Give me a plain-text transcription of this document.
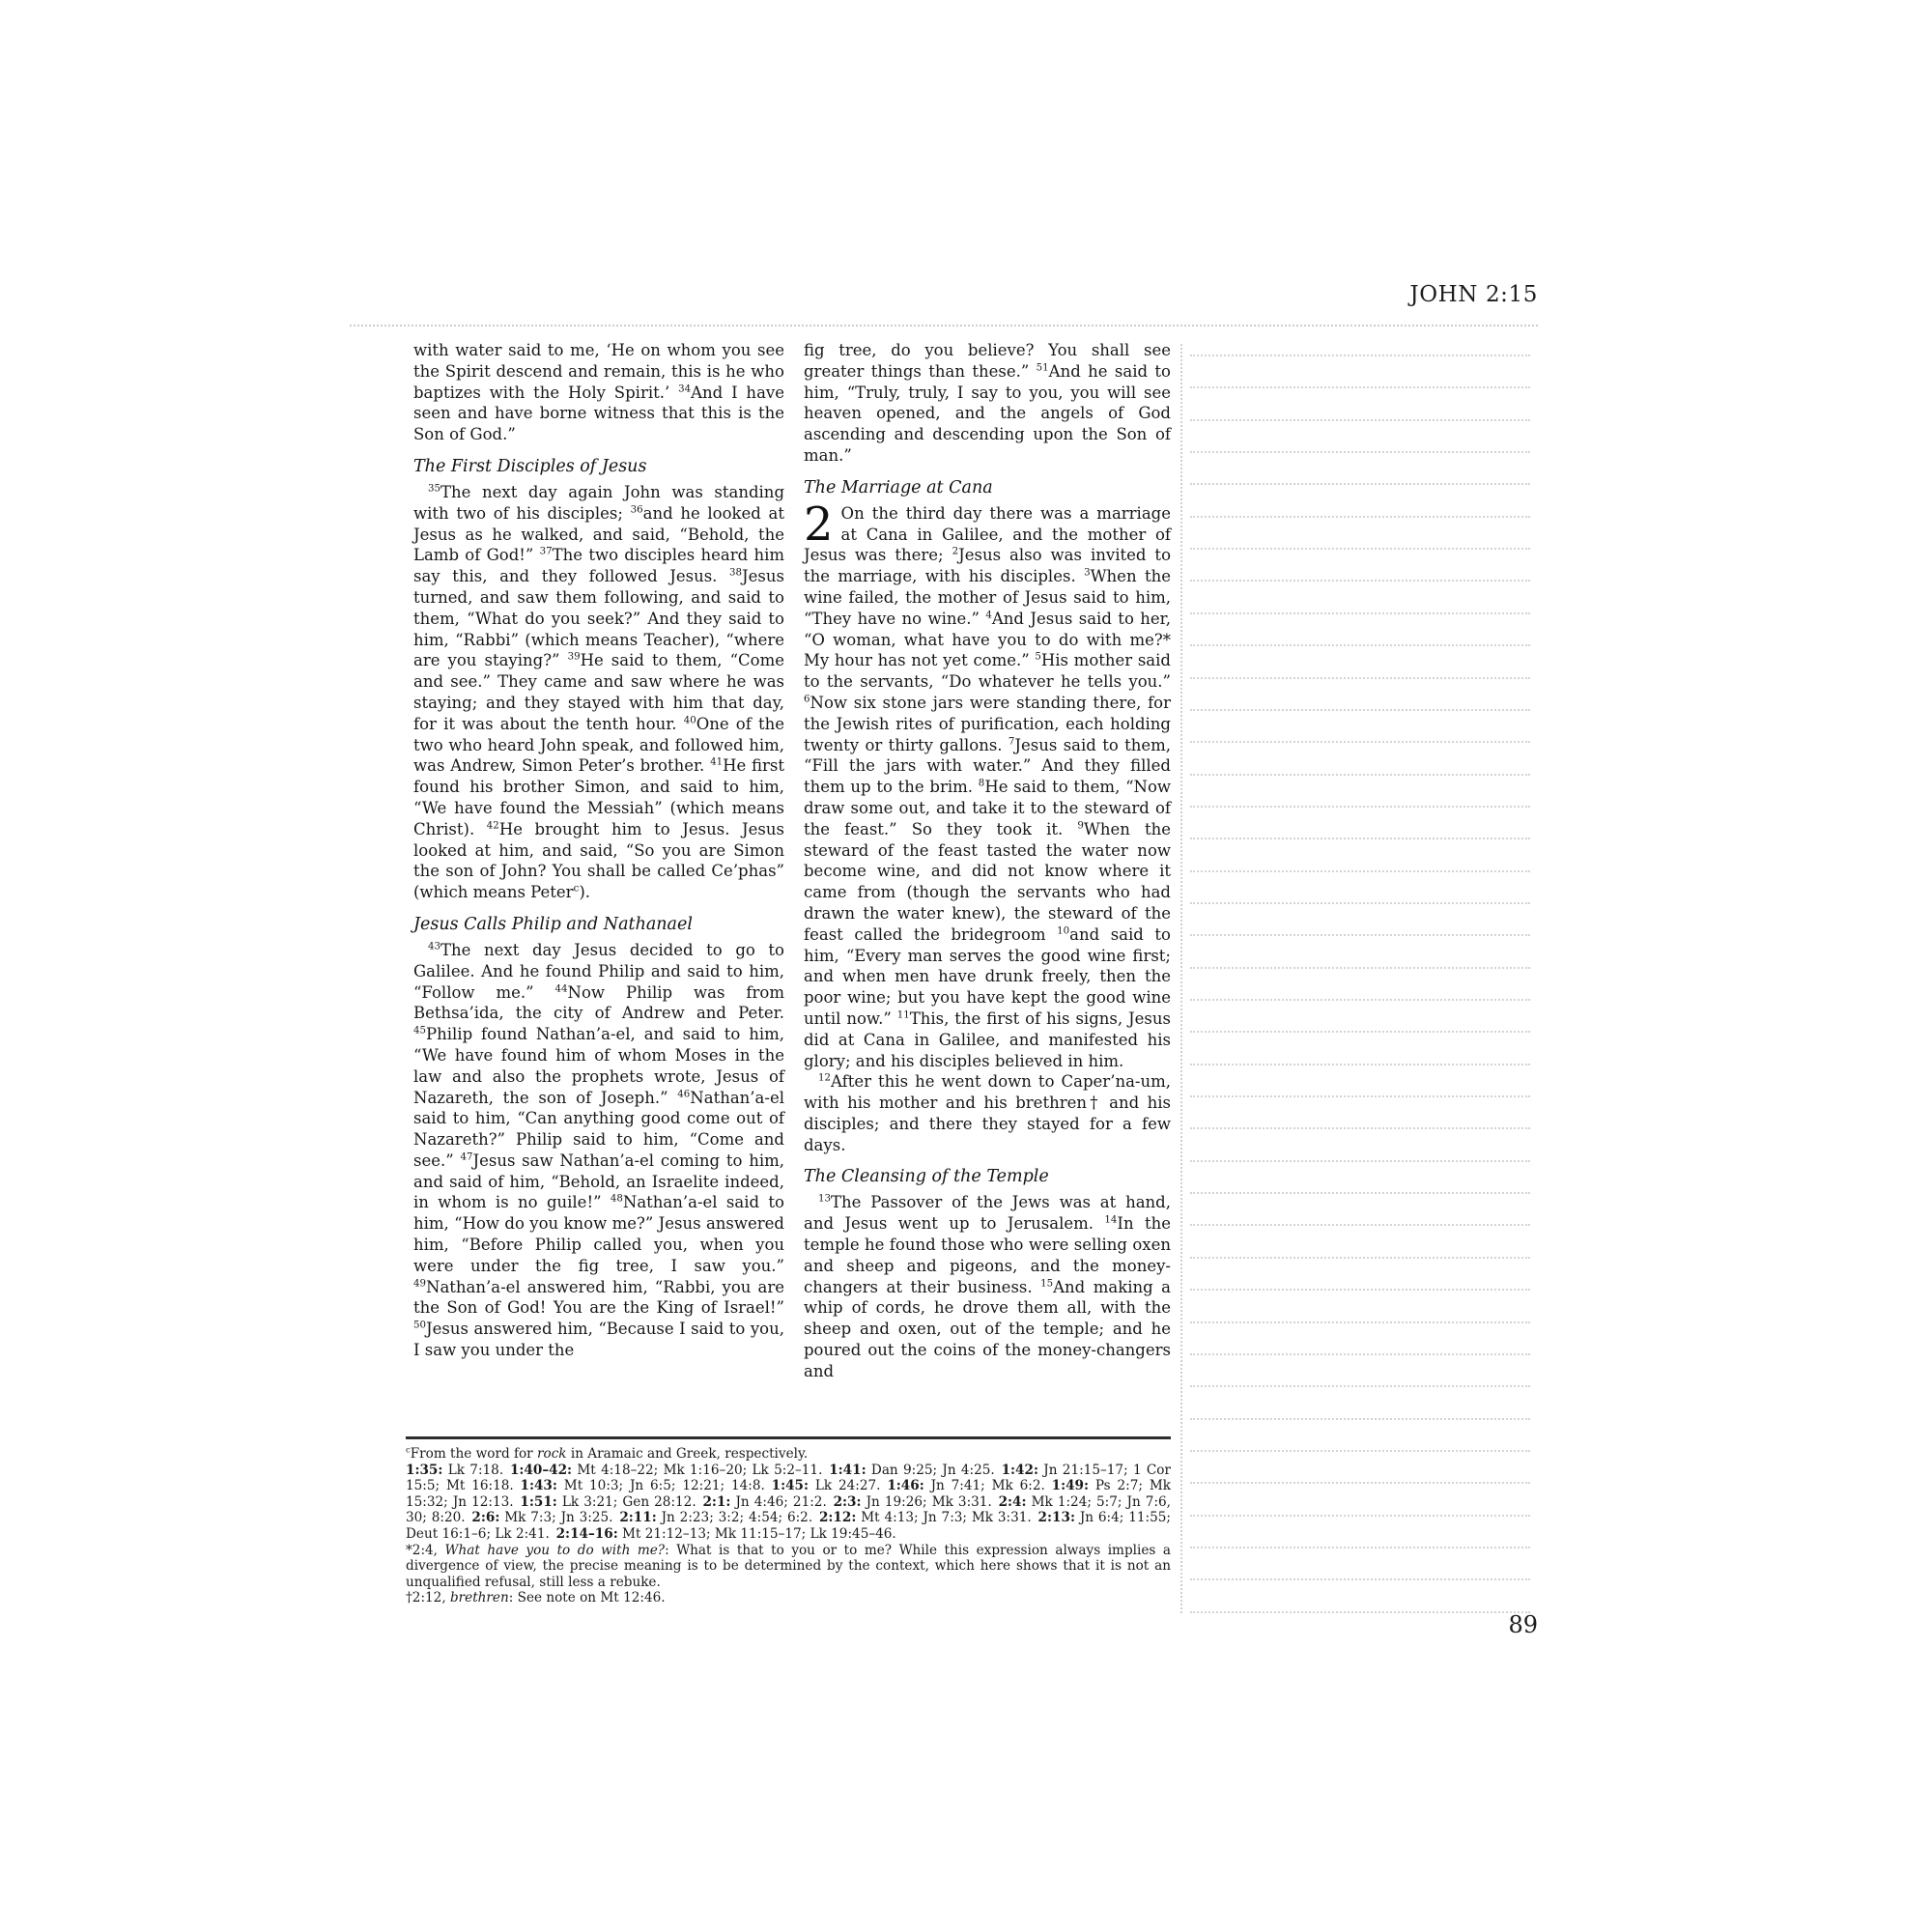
JOHN 2:15

with water said to me, ‘He on whom you see the Spirit descend and remain, this is he who baptizes with the Holy Spirit.’ $^{34}$And I have seen and have borne witness that this is the Son of God.”

The First Disciples of Jesus

$^{35}$The next day again John was standing with two of his disciples; $^{36}$and he looked at Jesus as he walked, and said, “Behold, the Lamb of God!” $^{37}$The two disciples heard him say this, and they followed Jesus. $^{38}$Jesus turned, and saw them following, and said to them, “What do you seek?” And they said to him, “Rabbi” (which means Teacher), “where are you staying?” $^{39}$He said to them, “Come and see.” They came and saw where he was staying; and they stayed with him that day, for it was about the tenth hour. $^{40}$One of the two who heard John speak, and followed him, was Andrew, Simon Peter’s brother. $^{41}$He first found his brother Simon, and said to him, “We have found the Messiah” (which means Christ). $^{42}$He brought him to Jesus. Jesus looked at him, and said, “So you are Simon the son of John? You shall be called Ce’phas” (which means Peter$^c$).

Jesus Calls Philip and Nathanael

$^{43}$The next day Jesus decided to go to Galilee. And he found Philip and said to him, “Follow me.” $^{44}$Now Philip was from Bethsa’ida, the city of Andrew and Peter. $^{45}$Philip found Nathan’a-el, and said to him, “We have found him of whom Moses in the law and also the prophets wrote, Jesus of Nazareth, the son of Joseph.” $^{46}$Nathan’a-el said to him, “Can anything good come out of Nazareth?” Philip said to him, “Come and see.” $^{47}$Jesus saw Nathan’a-el coming to him, and said of him, “Behold, an Israelite indeed, in whom is no guile!” $^{48}$Nathan’a-el said to him, “How do you know me?” Jesus answered him, “Before Philip called you, when you were under the fig tree, I saw you.” $^{49}$Nathan’a-el answered him, “Rabbi, you are the Son of God! You are the King of Israel!” $^{50}$Jesus answered him, “Because I said to you, I saw you under the

fig tree, do you believe? You shall see greater things than these.” $^{51}$And he said to him, “Truly, truly, I say to you, you will see heaven opened, and the angels of God ascending and descending upon the Son of man.”

The Marriage at Cana

2 On the third day there was a marriage at Cana in Galilee, and the mother of Jesus was there; $^2$Jesus also was invited to the marriage, with his disciples. $^3$When the wine failed, the mother of Jesus said to him, “They have no wine.” $^4$And Jesus said to her, “O woman, what have you to do with me?* My hour has not yet come.” $^5$His mother said to the servants, “Do whatever he tells you.” $^6$Now six stone jars were standing there, for the Jewish rites of purification, each holding twenty or thirty gallons. $^7$Jesus said to them, “Fill the jars with water.” And they filled them up to the brim. $^8$He said to them, “Now draw some out, and take it to the steward of the feast.” So they took it. $^9$When the steward of the feast tasted the water now become wine, and did not know where it came from (though the servants who had drawn the water knew), the steward of the feast called the bridegroom $^{10}$and said to him, “Every man serves the good wine first; and when men have drunk freely, then the poor wine; but you have kept the good wine until now.” $^{11}$This, the first of his signs, Jesus did at Cana in Galilee, and manifested his glory; and his disciples believed in him.

$^{12}$After this he went down to Caper’na-um, with his mother and his brethren† and his disciples; and there they stayed for a few days.

The Cleansing of the Temple

$^{13}$The Passover of the Jews was at hand, and Jesus went up to Jerusalem. $^{14}$In the temple he found those who were selling oxen and sheep and pigeons, and the money-changers at their business. $^{15}$And making a whip of cords, he drove them all, with the sheep and oxen, out of the temple; and he poured out the coins of the money-changers and

$^c$From the word for rock in Aramaic and Greek, respectively.

1:35: Lk 7:18. 1:40–42: Mt 4:18–22; Mk 1:16–20; Lk 5:2–11. 1:41: Dan 9:25; Jn 4:25. 1:42: Jn 21:15–17; 1 Cor 15:5; Mt 16:18. 1:43: Mt 10:3; Jn 6:5; 12:21; 14:8. 1:45: Lk 24:27. 1:46: Jn 7:41; Mk 6:2. 1:49: Ps 2:7; Mk 15:32; Jn 12:13. 1:51: Lk 3:21; Gen 28:12. 2:1: Jn 4:46; 21:2. 2:3: Jn 19:26; Mk 3:31. 2:4: Mk 1:24; 5:7; Jn 7:6, 30; 8:20. 2:6: Mk 7:3; Jn 3:25. 2:11: Jn 2:23; 3:2; 4:54; 6:2. 2:12: Mt 4:13; Jn 7:3; Mk 3:31. 2:13: Jn 6:4; 11:55; Deut 16:1–6; Lk 2:41. 2:14–16: Mt 21:12–13; Mk 11:15–17; Lk 19:45–46. 

*2:4, What have you to do with me?: What is that to you or to me? While this expression always implies a divergence of view, the precise meaning is to be determined by the context, which here shows that it is not an unqualified refusal, still less a rebuke.

†2:12, brethren: See note on Mt 12:46.

89
